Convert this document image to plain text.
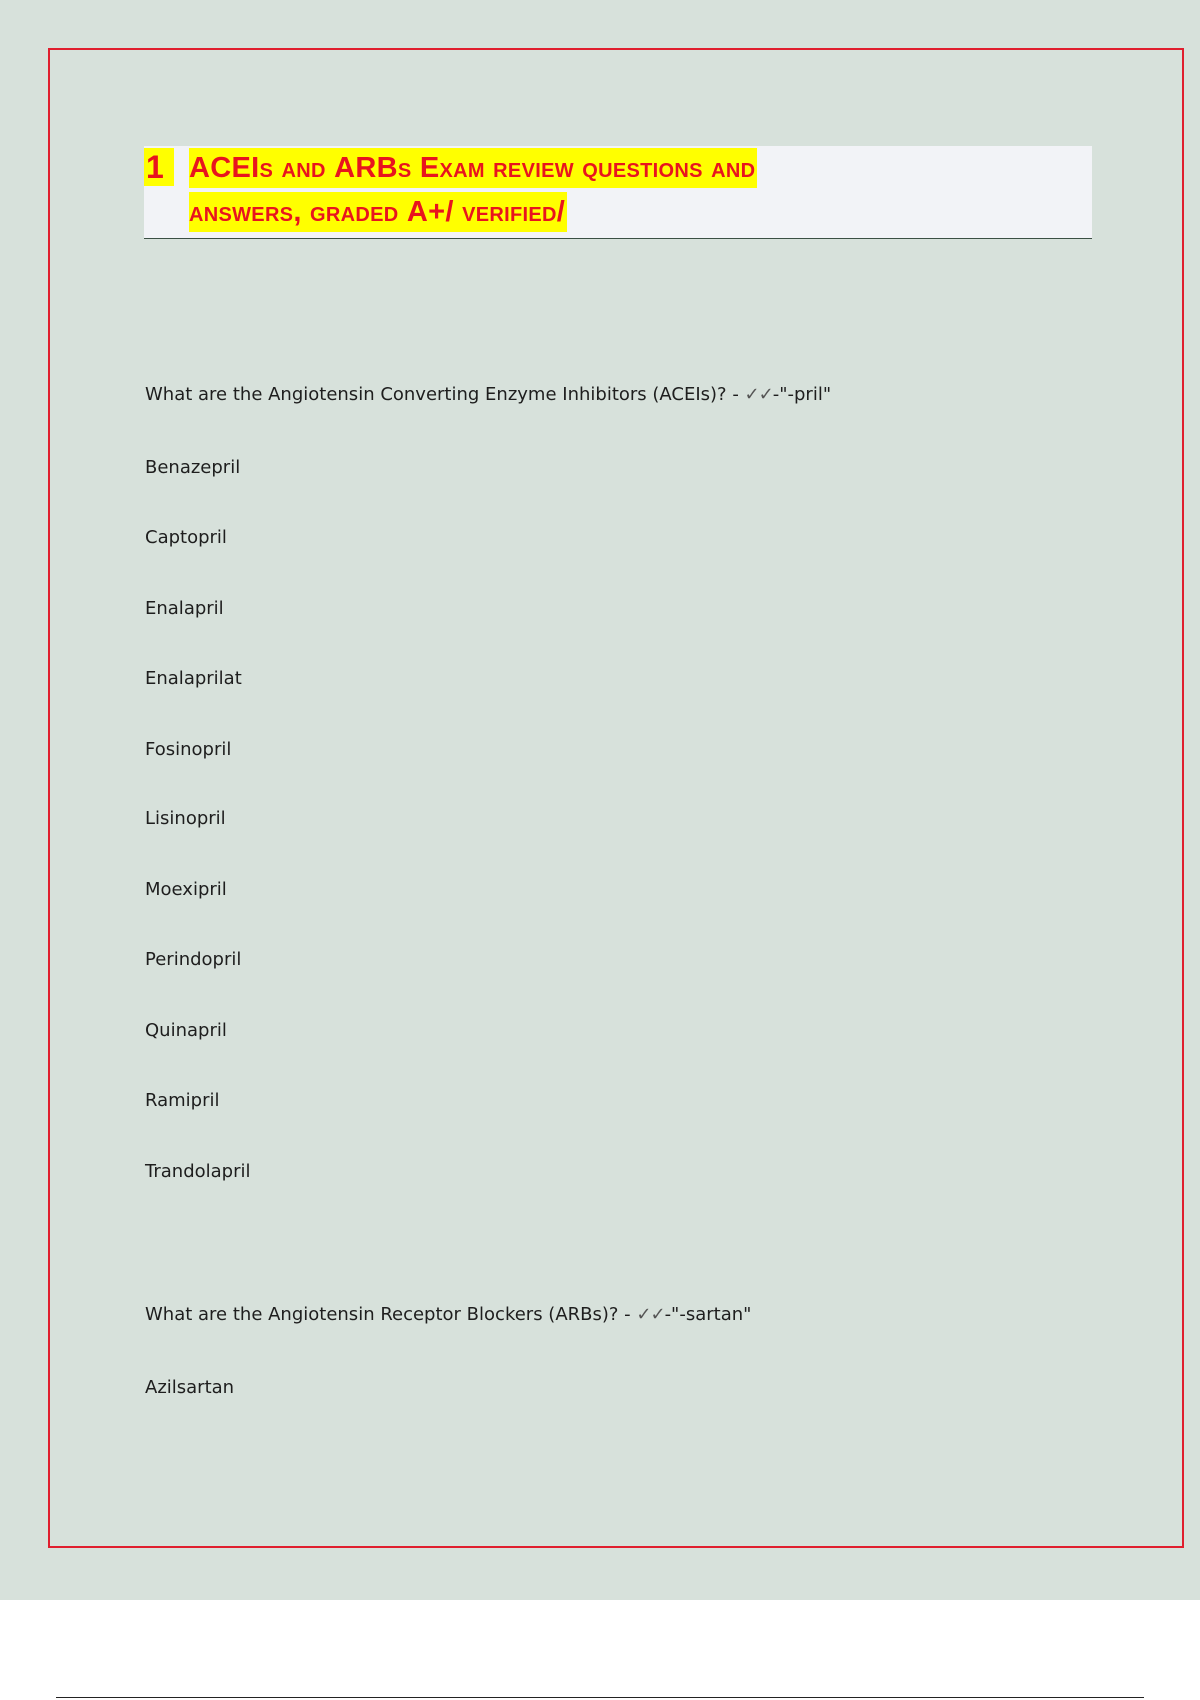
1 ACEIs and ARBs Exam review questions and
answers, graded A+/ verified/
What are the Angiotensin Converting Enzyme Inhibitors (ACEIs)? - ✓✓-"-pril"
Benazepril
Captopril
Enalapril
Enalaprilat
Fosinopril
Lisinopril
Moexipril
Perindopril
Quinapril
Ramipril
Trandolapril
What are the Angiotensin Receptor Blockers (ARBs)? - ✓✓-"-sartan"
Azilsartan
